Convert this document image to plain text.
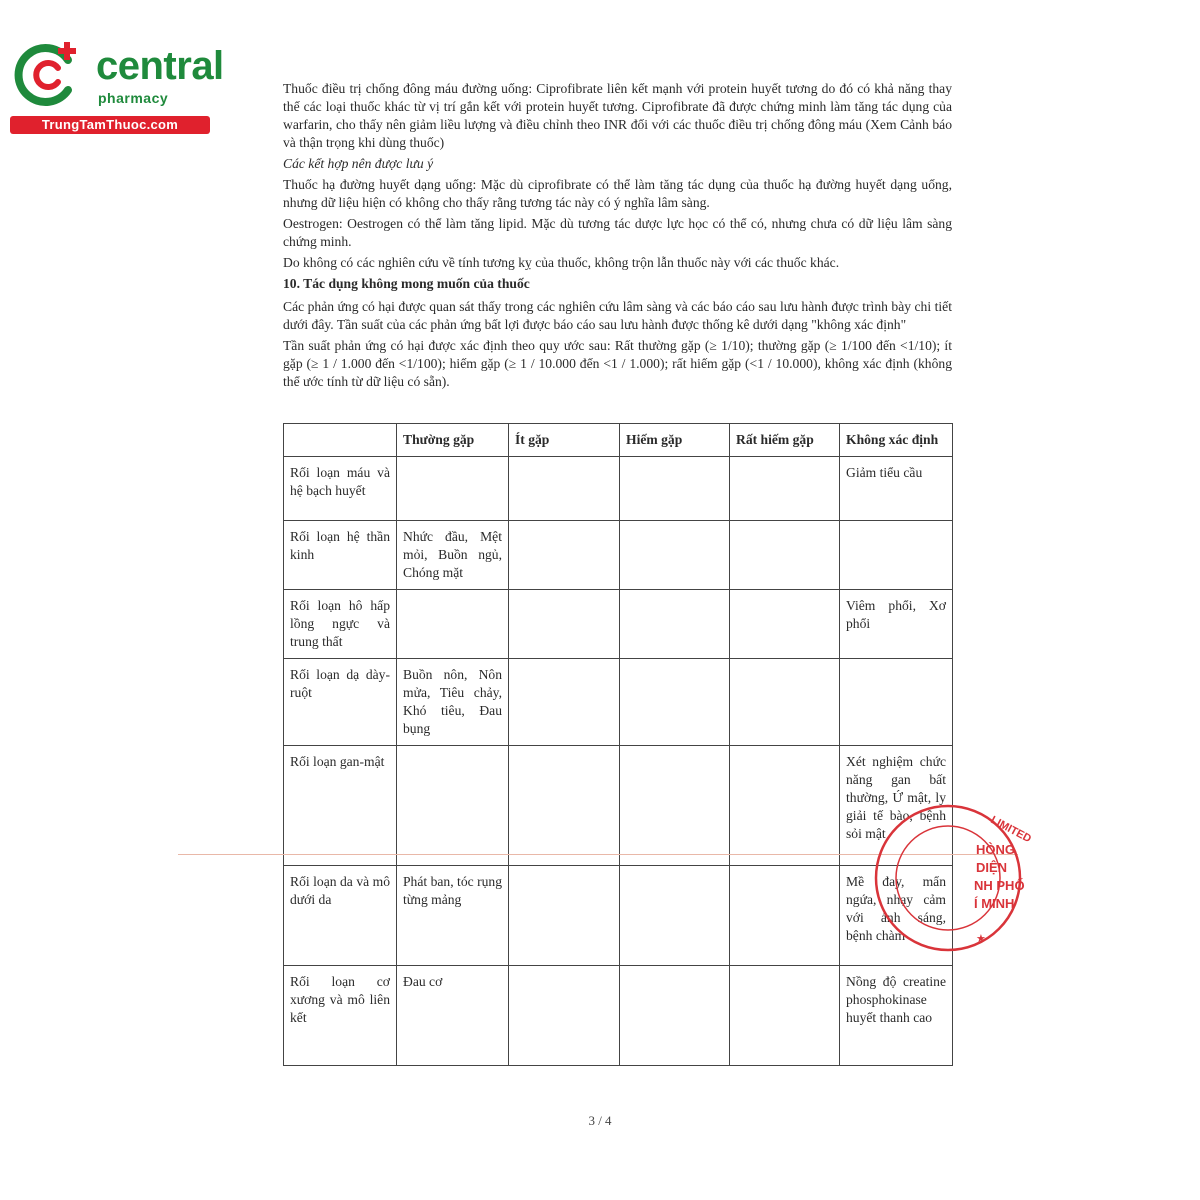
central
pharmacy
TrungTamThuoc.com

Thuốc điều trị chống đông máu đường uống: Ciprofibrate liên kết mạnh với protein huyết tương do đó có khả năng thay thế các loại thuốc khác từ vị trí gắn kết với protein huyết tương. Ciprofibrate đã được chứng minh làm tăng tác dụng của warfarin, cho thấy nên giảm liều lượng và điều chỉnh theo INR đối với các thuốc điều trị chống đông máu (Xem Cảnh báo và thận trọng khi dùng thuốc)

Các kết hợp nên được lưu ý

Thuốc hạ đường huyết dạng uống: Mặc dù ciprofibrate có thể làm tăng tác dụng của thuốc hạ đường huyết dạng uống, nhưng dữ liệu hiện có không cho thấy rằng tương tác này có ý nghĩa lâm sàng.

Oestrogen: Oestrogen có thể làm tăng lipid. Mặc dù tương tác dược lực học có thể có, nhưng chưa có dữ liệu lâm sàng chứng minh.

Do không có các nghiên cứu về tính tương kỵ của thuốc, không trộn lẫn thuốc này với các thuốc khác.

10. Tác dụng không mong muốn của thuốc

Các phản ứng có hại được quan sát thấy trong các nghiên cứu lâm sàng và các báo cáo sau lưu hành được trình bày chi tiết dưới đây. Tần suất của các phản ứng bất lợi được báo cáo sau lưu hành được thống kê dưới dạng "không xác định"

Tần suất phản ứng có hại được xác định theo quy ước sau: Rất thường gặp (≥ 1/10); thường gặp (≥ 1/100 đến <1/10); ít gặp (≥ 1 / 1.000 đến <1/100); hiếm gặp (≥ 1 / 10.000 đến <1 / 1.000); rất hiếm gặp (<1 / 10.000), không xác định (không thể ước tính từ dữ liệu có sẵn).

	Thường gặp	Ít gặp	Hiếm gặp	Rất hiếm gặp	Không xác định
Rối loạn máu và hệ bạch huyết					Giảm tiểu cầu
Rối loạn hệ thần kinh	Nhức đầu, Mệt mỏi, Buồn ngủ, Chóng mặt				
Rối loạn hô hấp lồng ngực và trung thất					Viêm phổi, Xơ phổi
Rối loạn dạ dày-ruột	Buồn nôn, Nôn mửa, Tiêu chảy, Khó tiêu, Đau bụng				
Rối loạn gan-mật					Xét nghiệm chức năng gan bất thường, Ứ mật, ly giải tế bào, bệnh sỏi mật
Rối loạn da và mô dưới da	Phát ban, tóc rụng từng mảng				Mề đay, mẩn ngứa, nhạy cảm với ánh sáng, bệnh chàm
Rối loạn cơ xương và mô liên kết	Đau cơ				Nồng độ creatine phosphokinase huyết thanh cao
LIMITED
HÒNG
DIỆN
NH PHỐ
Í MINH
★
3 / 4
